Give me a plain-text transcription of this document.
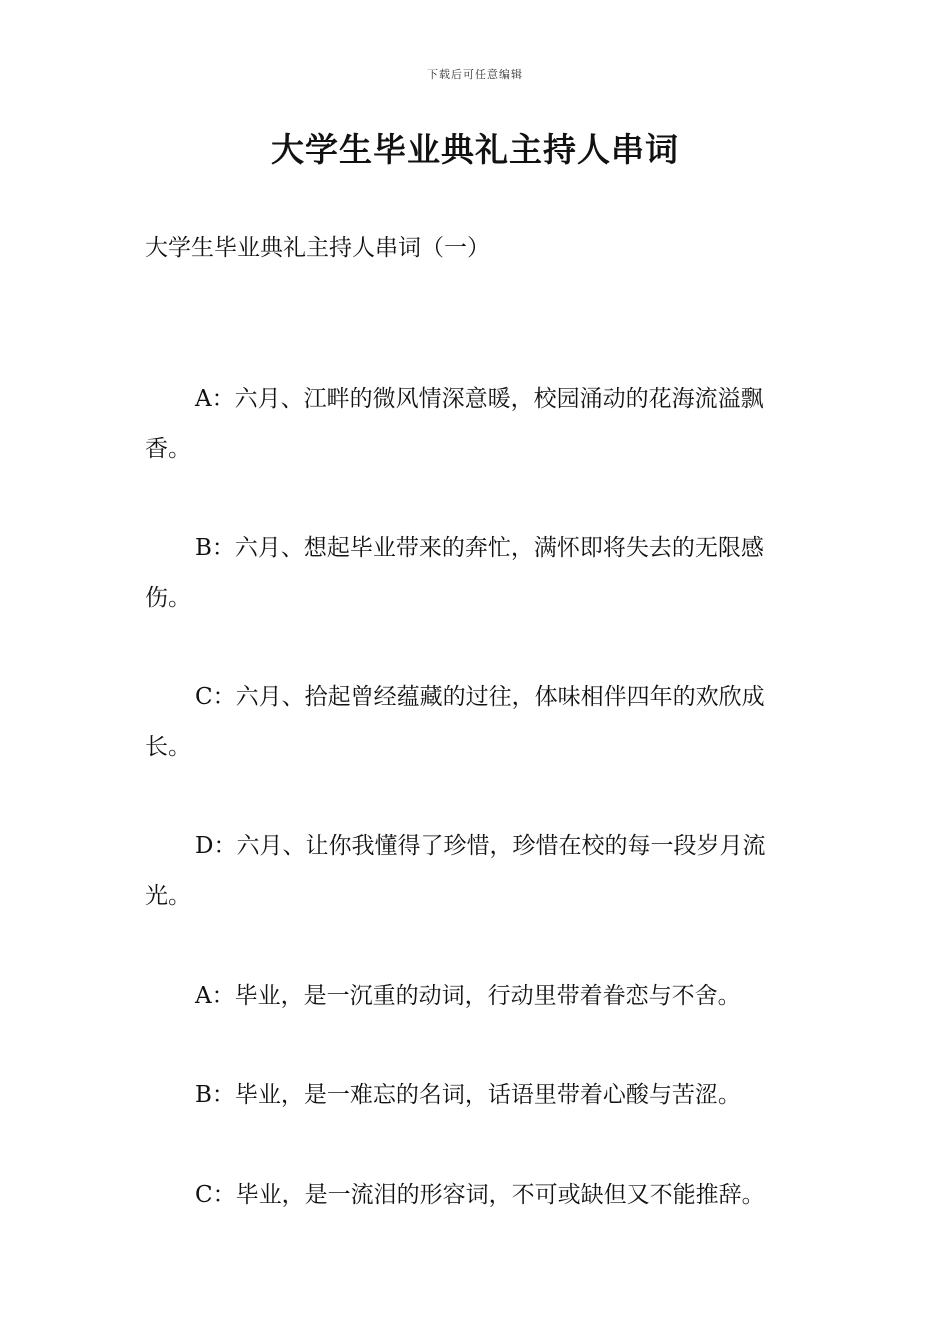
下载后可任意编辑
大学生毕业典礼主持人串词

大学生毕业典礼主持人串词（一）

A：六月、江畔的微风情深意暖，校园涌动的花海流溢飘香。

B：六月、想起毕业带来的奔忙，满怀即将失去的无限感伤。

C：六月、拾起曾经蕴藏的过往，体味相伴四年的欢欣成长。

D：六月、让你我懂得了珍惜，珍惜在校的每一段岁月流光。

A：毕业，是一沉重的动词，行动里带着眷恋与不舍。

B：毕业，是一难忘的名词，话语里带着心酸与苦涩。

C：毕业，是一流泪的形容词，不可或缺但又不能推辞。
